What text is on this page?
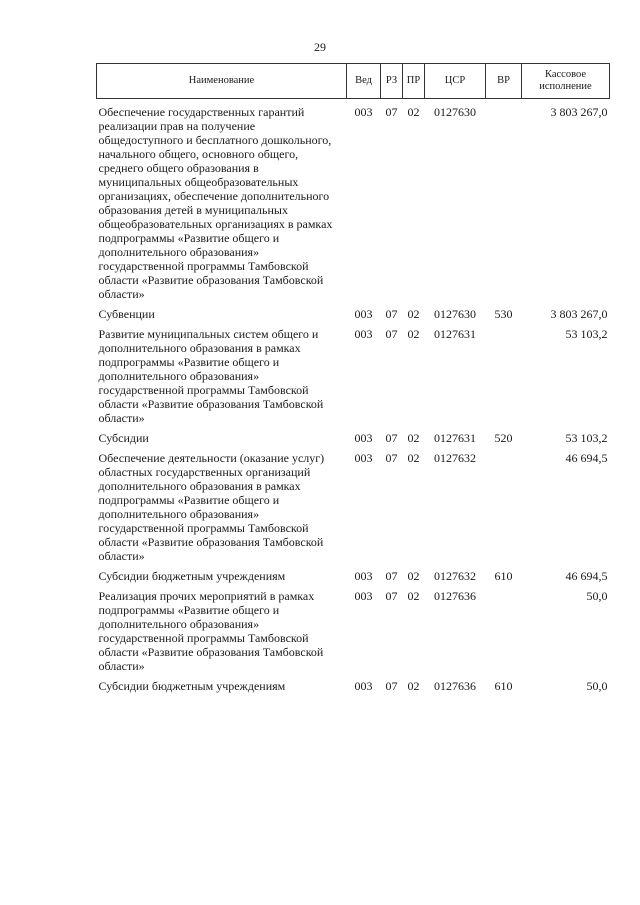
29
Наименование	Вед	РЗ	ПР	ЦСР	ВР	Кассовое исполнение
Обеспечение государственных гарантий реализации прав на получение общедоступного и бесплатного дошкольного, начального общего, основного общего, среднего общего образования в муниципальных общеобразовательных организациях, обеспечение дополнительного образования детей в муниципальных общеобразовательных организациях в рамках подпрограммы «Развитие общего и дополнительного образования» государственной программы Тамбовской области «Развитие образования Тамбовской области»	003	07	02	0127630		3 803 267,0
Субвенции	003	07	02	0127630	530	3 803 267,0
Развитие муниципальных систем общего и дополнительного образования в рамках подпрограммы «Развитие общего и дополнительного образования» государственной программы Тамбовской области «Развитие образования Тамбовской области»	003	07	02	0127631		53 103,2
Субсидии	003	07	02	0127631	520	53 103,2
Обеспечение деятельности (оказание услуг) областных государственных организаций дополнительного образования в рамках подпрограммы «Развитие общего и дополнительного образования» государственной программы Тамбовской области «Развитие образования Тамбовской области»	003	07	02	0127632		46 694,5
Субсидии бюджетным учреждениям	003	07	02	0127632	610	46 694,5
Реализация прочих мероприятий в рамках подпрограммы «Развитие общего и дополнительного образования» государственной программы Тамбовской области «Развитие образования Тамбовской области»	003	07	02	0127636		50,0
Субсидии бюджетным учреждениям	003	07	02	0127636	610	50,0
